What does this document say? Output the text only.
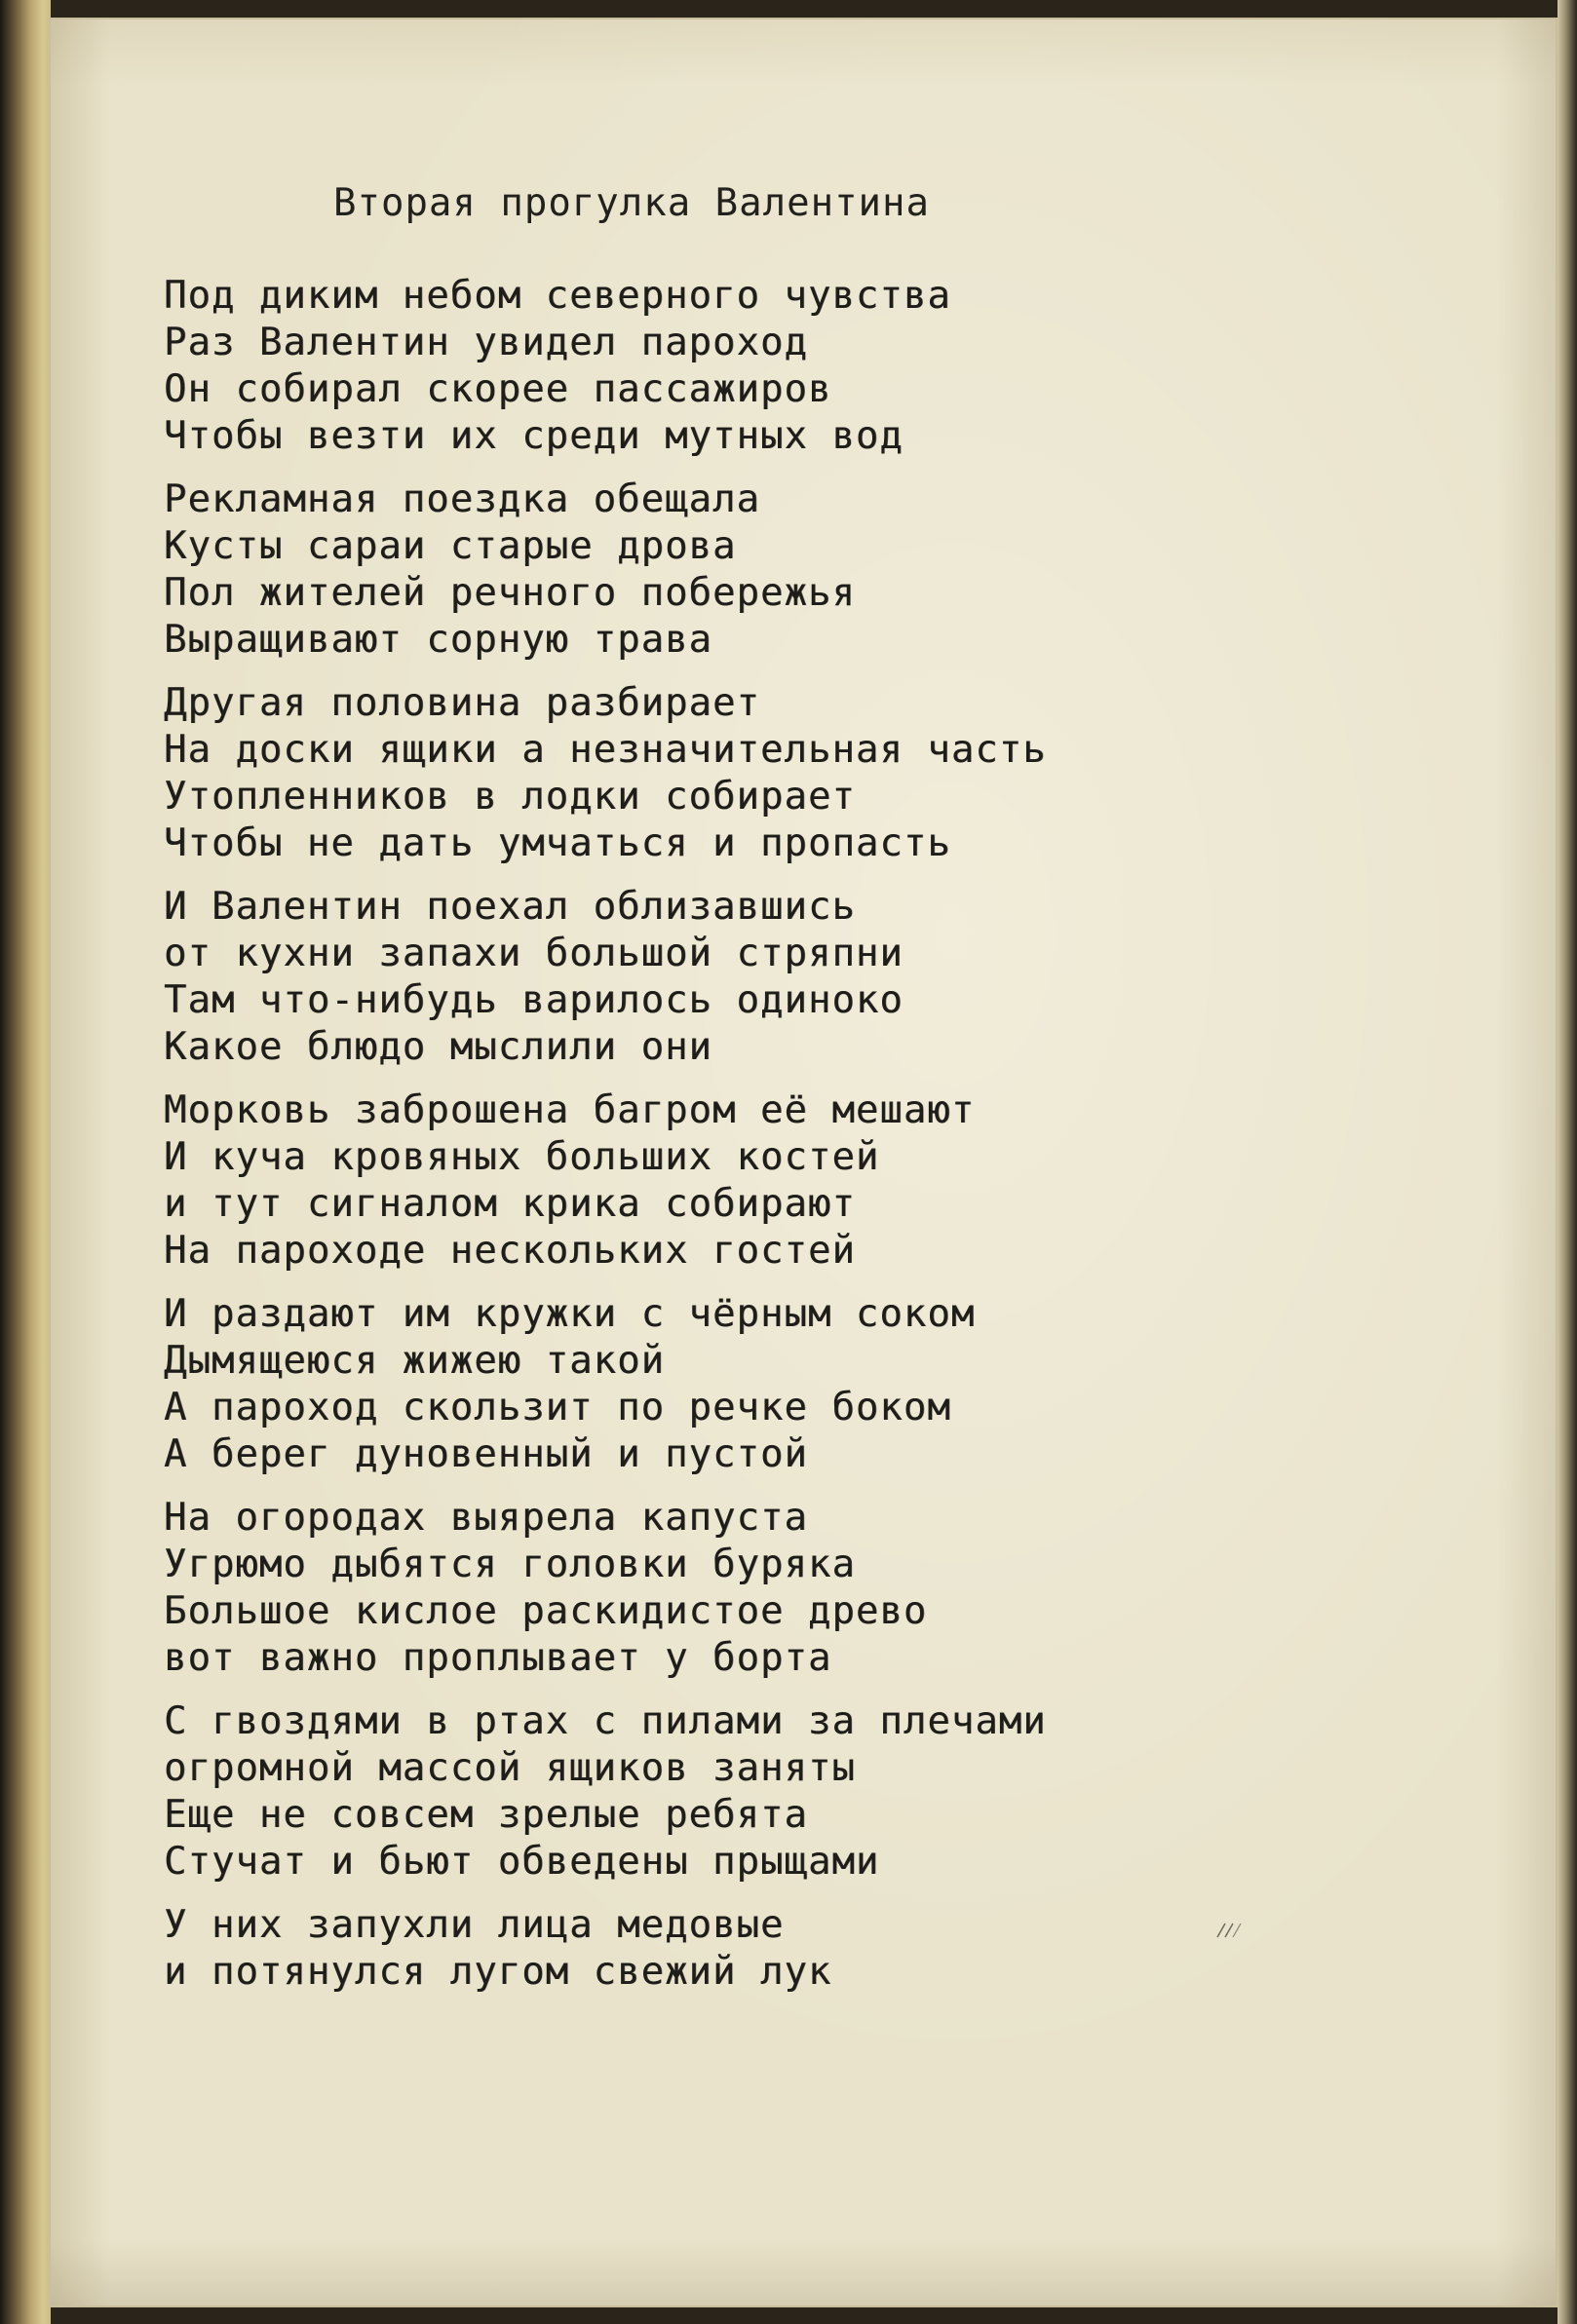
Вторая прогулка Валентина
Под диким небом северного чувства
Раз Валентин увидел пароход
Он собирал скорее пассажиров
Чтобы везти их среди мутных вод
Рекламная поездка обещала
Кусты сараи старые дрова
Пол жителей речного побережья
Выращивают сорную трава
Другая половина разбирает
На доски ящики а незначительная часть
Утопленников в лодки собирает
Чтобы не дать умчаться и пропасть
И Валентин поехал облизавшись
от кухни запахи большой стряпни
Там что-нибудь варилось одиноко
Какое блюдо мыслили они
Морковь заброшена багром её мешают
И куча кровяных больших костей
и тут сигналом крика собирают
На пароходе нескольких гостей
И раздают им кружки с чёрным соком
Дымящеюся жижею такой
А пароход скользит по речке боком
А берег дуновенный и пустой
На огородах выярела капуста
Угрюмо дыбятся головки буряка
Большое кислое раскидистое древо
вот важно проплывает у борта
С гвоздями в ртах с пилами за плечами
огромной массой ящиков заняты
Еще не совсем зрелые ребята
Стучат и бьют обведены прыщами
У них запухли лица медовые
и потянулся лугом свежий лук
